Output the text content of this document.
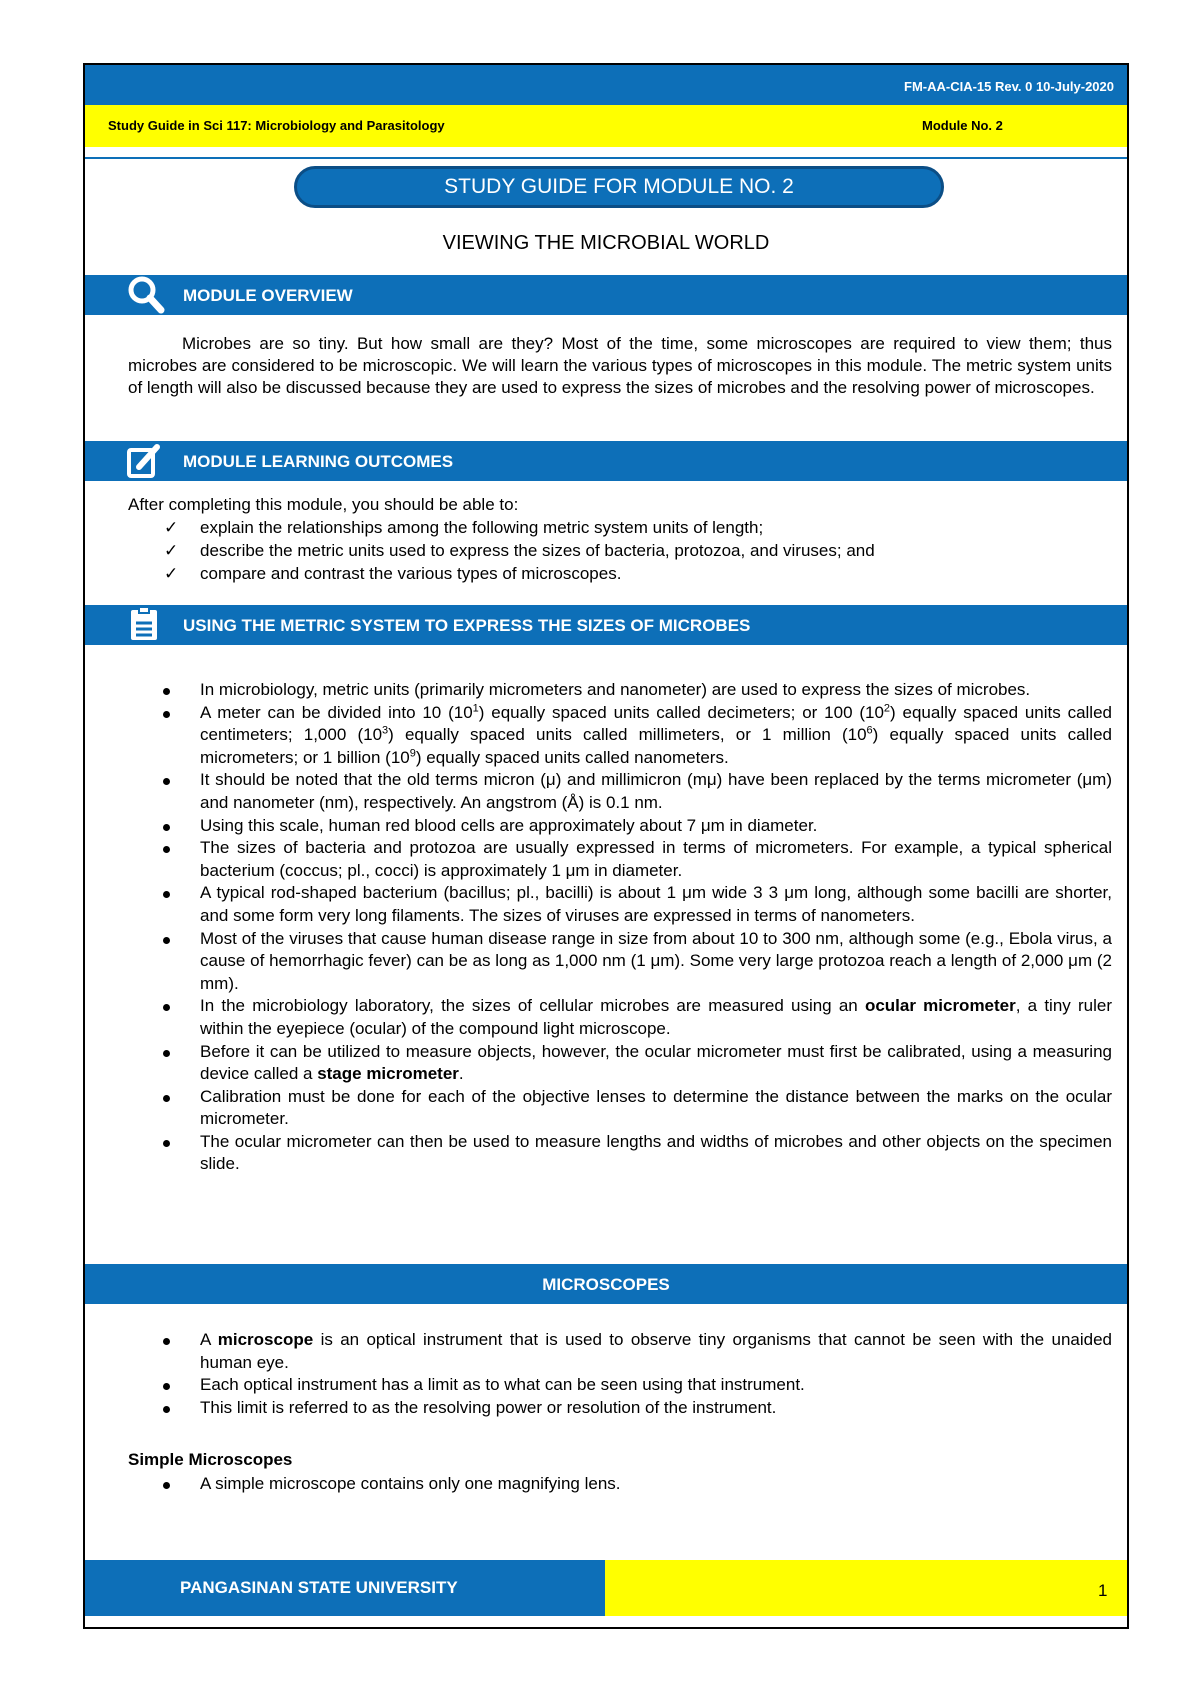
FM-AA-CIA-15 Rev. 0 10-July-2020
Study Guide in Sci 117: Microbiology and Parasitology	Module No. 2
STUDY GUIDE FOR MODULE NO. 2
VIEWING THE MICROBIAL WORLD
MODULE OVERVIEW
Microbes are so tiny. But how small are they? Most of the time, some microscopes are required to view them; thus microbes are considered to be microscopic. We will learn the various types of microscopes in this module. The metric system units of length will also be discussed because they are used to express the sizes of microbes and the resolving power of microscopes.
MODULE LEARNING OUTCOMES
After completing this module, you should be able to:
✓ explain the relationships among the following metric system units of length;
✓ describe the metric units used to express the sizes of bacteria, protozoa, and viruses; and
✓ compare and contrast the various types of microscopes.
USING THE METRIC SYSTEM TO EXPRESS THE SIZES OF MICROBES
In microbiology, metric units (primarily micrometers and nanometer) are used to express the sizes of microbes.
A meter can be divided into 10 $(10^1)$ equally spaced units called decimeters; or 100 $(10^2)$ equally spaced units called centimeters; 1,000 $(10^3)$ equally spaced units called millimeters, or 1 million $(10^6)$ equally spaced units called micrometers; or 1 billion $(10^9)$ equally spaced units called nanometers.
It should be noted that the old terms micron (μ) and millimicron (mμ) have been replaced by the terms micrometer (μm) and nanometer (nm), respectively. An angstrom (Å) is 0.1 nm.
Using this scale, human red blood cells are approximately about 7 μm in diameter.
The sizes of bacteria and protozoa are usually expressed in terms of micrometers. For example, a typical spherical bacterium (coccus; pl., cocci) is approximately 1 μm in diameter.
A typical rod-shaped bacterium (bacillus; pl., bacilli) is about 1 μm wide 3 3 μm long, although some bacilli are shorter, and some form very long filaments. The sizes of viruses are expressed in terms of nanometers.
Most of the viruses that cause human disease range in size from about 10 to 300 nm, although some (e.g., Ebola virus, a cause of hemorrhagic fever) can be as long as 1,000 nm (1 μm). Some very large protozoa reach a length of 2,000 μm (2 mm).
In the microbiology laboratory, the sizes of cellular microbes are measured using an ocular micrometer, a tiny ruler within the eyepiece (ocular) of the compound light microscope.
Before it can be utilized to measure objects, however, the ocular micrometer must first be calibrated, using a measuring device called a stage micrometer.
Calibration must be done for each of the objective lenses to determine the distance between the marks on the ocular micrometer.
The ocular micrometer can then be used to measure lengths and widths of microbes and other objects on the specimen slide.
MICROSCOPES
A microscope is an optical instrument that is used to observe tiny organisms that cannot be seen with the unaided human eye.
Each optical instrument has a limit as to what can be seen using that instrument.
This limit is referred to as the resolving power or resolution of the instrument.
Simple Microscopes
A simple microscope contains only one magnifying lens.
PANGASINAN STATE UNIVERSITY	1
